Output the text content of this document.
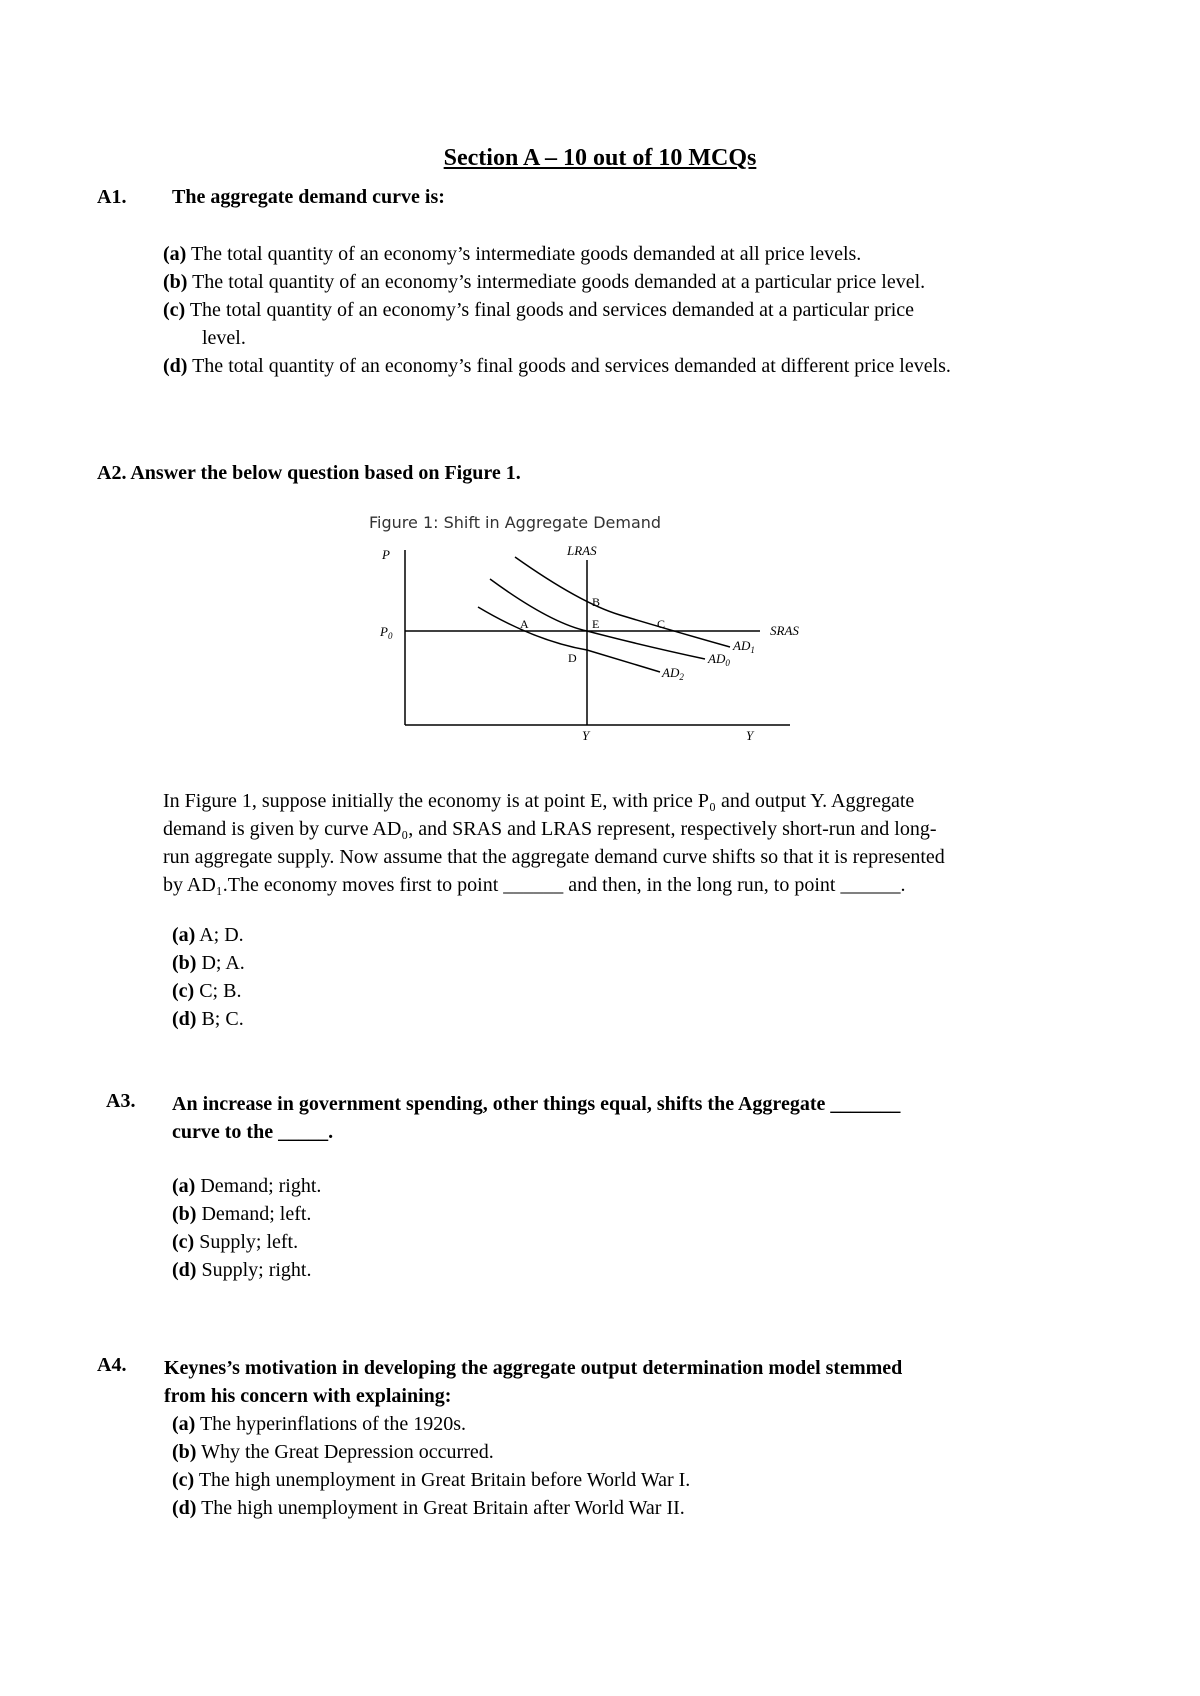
Section A – 10 out of 10 MCQs
A1. The aggregate demand curve is:
(a) The total quantity of an economy’s intermediate goods demanded at all price levels.
(b) The total quantity of an economy’s intermediate goods demanded at a particular price level.
(c) The total quantity of an economy’s final goods and services demanded at a particular price
level.
(d) The total quantity of an economy’s final goods and services demanded at different price levels.
A2. Answer the below question based on Figure 1.
Figure 1: Shift in Aggregate Demand
P	LRAS
SRAS
$P_0$
Y	Y
B
A	E	C
D
$AD_1$
$AD_0$
$AD_2$
In Figure 1, suppose initially the economy is at point E, with price P₀ and output Y. Aggregate
demand is given by curve AD₀, and SRAS and LRAS represent, respectively short-run and long-
run aggregate supply. Now assume that the aggregate demand curve shifts so that it is represented
by AD₁.The economy moves first to point ______ and then, in the long run, to point ______.
(a) A; D.
(b) D; A.
(c) C; B.
(d) B; C.
A3. An increase in government spending, other things equal, shifts the Aggregate _______
curve to the _____.
(a) Demand; right.
(b) Demand; left.
(c) Supply; left.
(d) Supply; right.
A4. Keynes’s motivation in developing the aggregate output determination model stemmed
from his concern with explaining:
(a) The hyperinflations of the 1920s.
(b) Why the Great Depression occurred.
(c) The high unemployment in Great Britain before World War I.
(d) The high unemployment in Great Britain after World War II.
